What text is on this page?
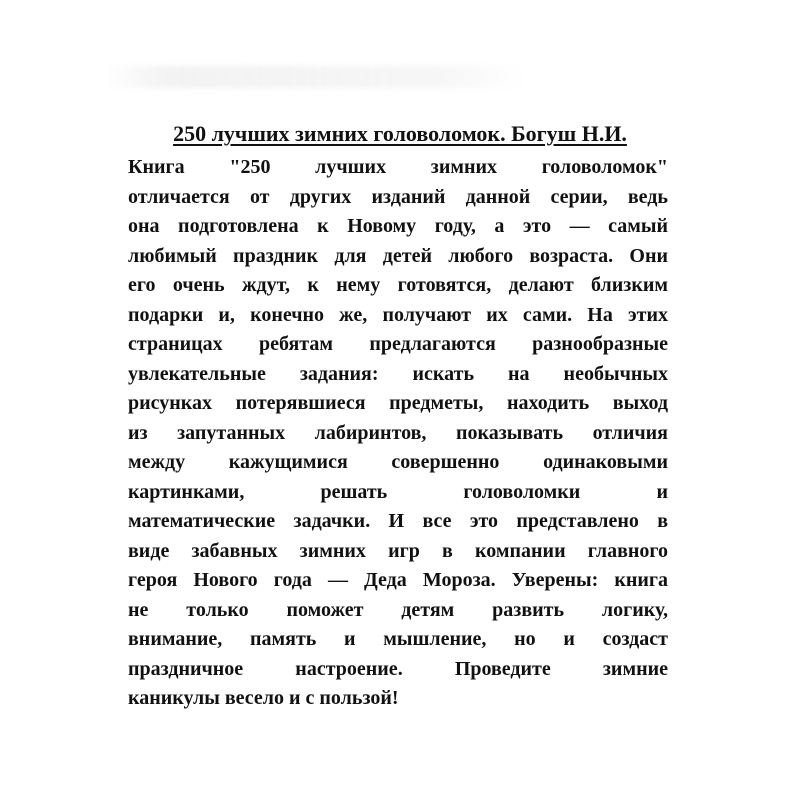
250 лучших зимних головоломок. Богуш Н.И.
Книга "250 лучших зимних головоломок"
отличается от других изданий данной серии, ведь
она подготовлена к Новому году, а это — самый
любимый праздник для детей любого возраста. Они
его очень ждут, к нему готовятся, делают близким
подарки и, конечно же, получают их сами. На этих
страницах ребятам предлагаются разнообразные
увлекательные задания: искать на необычных
рисунках потерявшиеся предметы, находить выход
из запутанных лабиринтов, показывать отличия
между кажущимися совершенно одинаковыми
картинками, решать головоломки и
математические задачки. И все это представлено в
виде забавных зимних игр в компании главного
героя Нового года — Деда Мороза. Уверены: книга
не только поможет детям развить логику,
внимание, память и мышление, но и создаст
праздничное настроение. Проведите зимние
каникулы весело и с пользой!
